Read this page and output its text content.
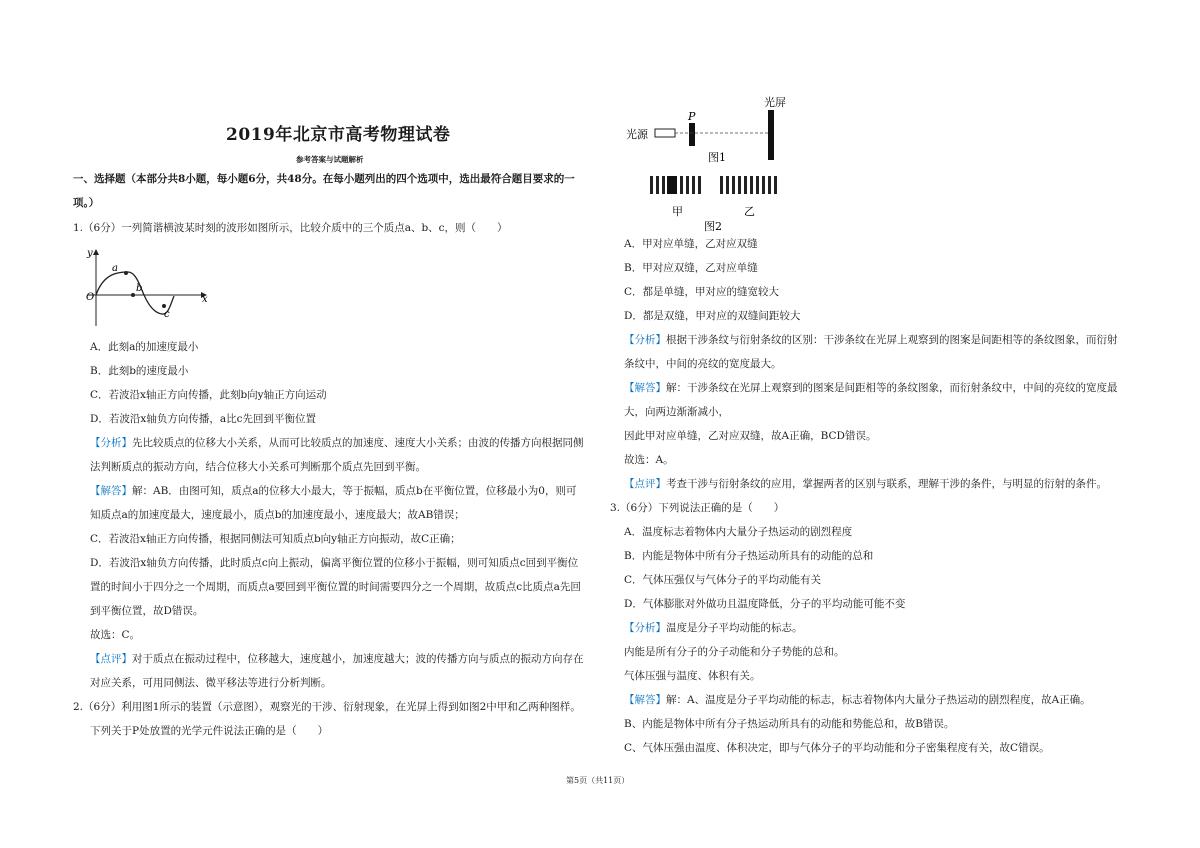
2019年北京市高考物理试卷
参考答案与试题解析
一、选择题（本部分共8小题，每小题6分，共48分。在每小题列出的四个选项中，选出最符合题目要求的一
项。）
1.（6分）一列简谐横波某时刻的波形如图所示，比较介质中的三个质点a、b、c，则（　　）
y
x
O
a
b
c
A．此刻a的加速度最小
B．此刻b的速度最小
C．若波沿x轴正方向传播，此刻b向y轴正方向运动
D．若波沿x轴负方向传播，a比c先回到平衡位置
【分析】先比较质点的位移大小关系，从而可比较质点的加速度、速度大小关系；由波的传播方向根据同侧
法判断质点的振动方向，结合位移大小关系可判断那个质点先回到平衡。
【解答】解：AB．由图可知，质点a的位移大小最大，等于振幅，质点b在平衡位置，位移最小为0，则可
知质点a的加速度最大，速度最小，质点b的加速度最小，速度最大；故AB错误；
C．若波沿x轴正方向传播，根据同侧法可知质点b向y轴正方向振动，故C正确；
D．若波沿x轴负方向传播，此时质点c向上振动，偏离平衡位置的位移小于振幅，则可知质点c回到平衡位
置的时间小于四分之一个周期，而质点a要回到平衡位置的时间需要四分之一个周期，故质点c比质点a先回
到平衡位置，故D错误。
故选：C。
【点评】对于质点在振动过程中，位移越大，速度越小，加速度越大；波的传播方向与质点的振动方向存在
对应关系，可用同侧法、微平移法等进行分析判断。
2.（6分）利用图1所示的装置（示意图），观察光的干涉、衍射现象，在光屏上得到如图2中甲和乙两种图样。
下列关于P处放置的光学元件说法正确的是（　　）
光屏
P
光源
图1
甲	乙
图2
A．甲对应单缝，乙对应双缝
B．甲对应双缝，乙对应单缝
C．都是单缝，甲对应的缝宽较大
D．都是双缝，甲对应的双缝间距较大
【分析】根据干涉条纹与衍射条纹的区别：干涉条纹在光屏上观察到的图案是间距相等的条纹图象，而衍射
条纹中，中间的亮纹的宽度最大。
【解答】解：干涉条纹在光屏上观察到的图案是间距相等的条纹图象，而衍射条纹中，中间的亮纹的宽度最
大，向两边渐渐减小，
因此甲对应单缝，乙对应双缝，故A正确，BCD错误。
故选：A。
【点评】考查干涉与衍射条纹的应用，掌握两者的区别与联系，理解干涉的条件，与明显的衍射的条件。
3.（6分）下列说法正确的是（　　）
A．温度标志着物体内大量分子热运动的剧烈程度
B．内能是物体中所有分子热运动所具有的动能的总和
C．气体压强仅与气体分子的平均动能有关
D．气体膨胀对外做功且温度降低，分子的平均动能可能不变
【分析】温度是分子平均动能的标志。
内能是所有分子的分子动能和分子势能的总和。
气体压强与温度、体积有关。
【解答】解：A、温度是分子平均动能的标志，标志着物体内大量分子热运动的剧烈程度，故A正确。
B、内能是物体中所有分子热运动所具有的动能和势能总和，故B错误。
C、气体压强由温度、体积决定，即与气体分子的平均动能和分子密集程度有关，故C错误。
第5页（共11页）
